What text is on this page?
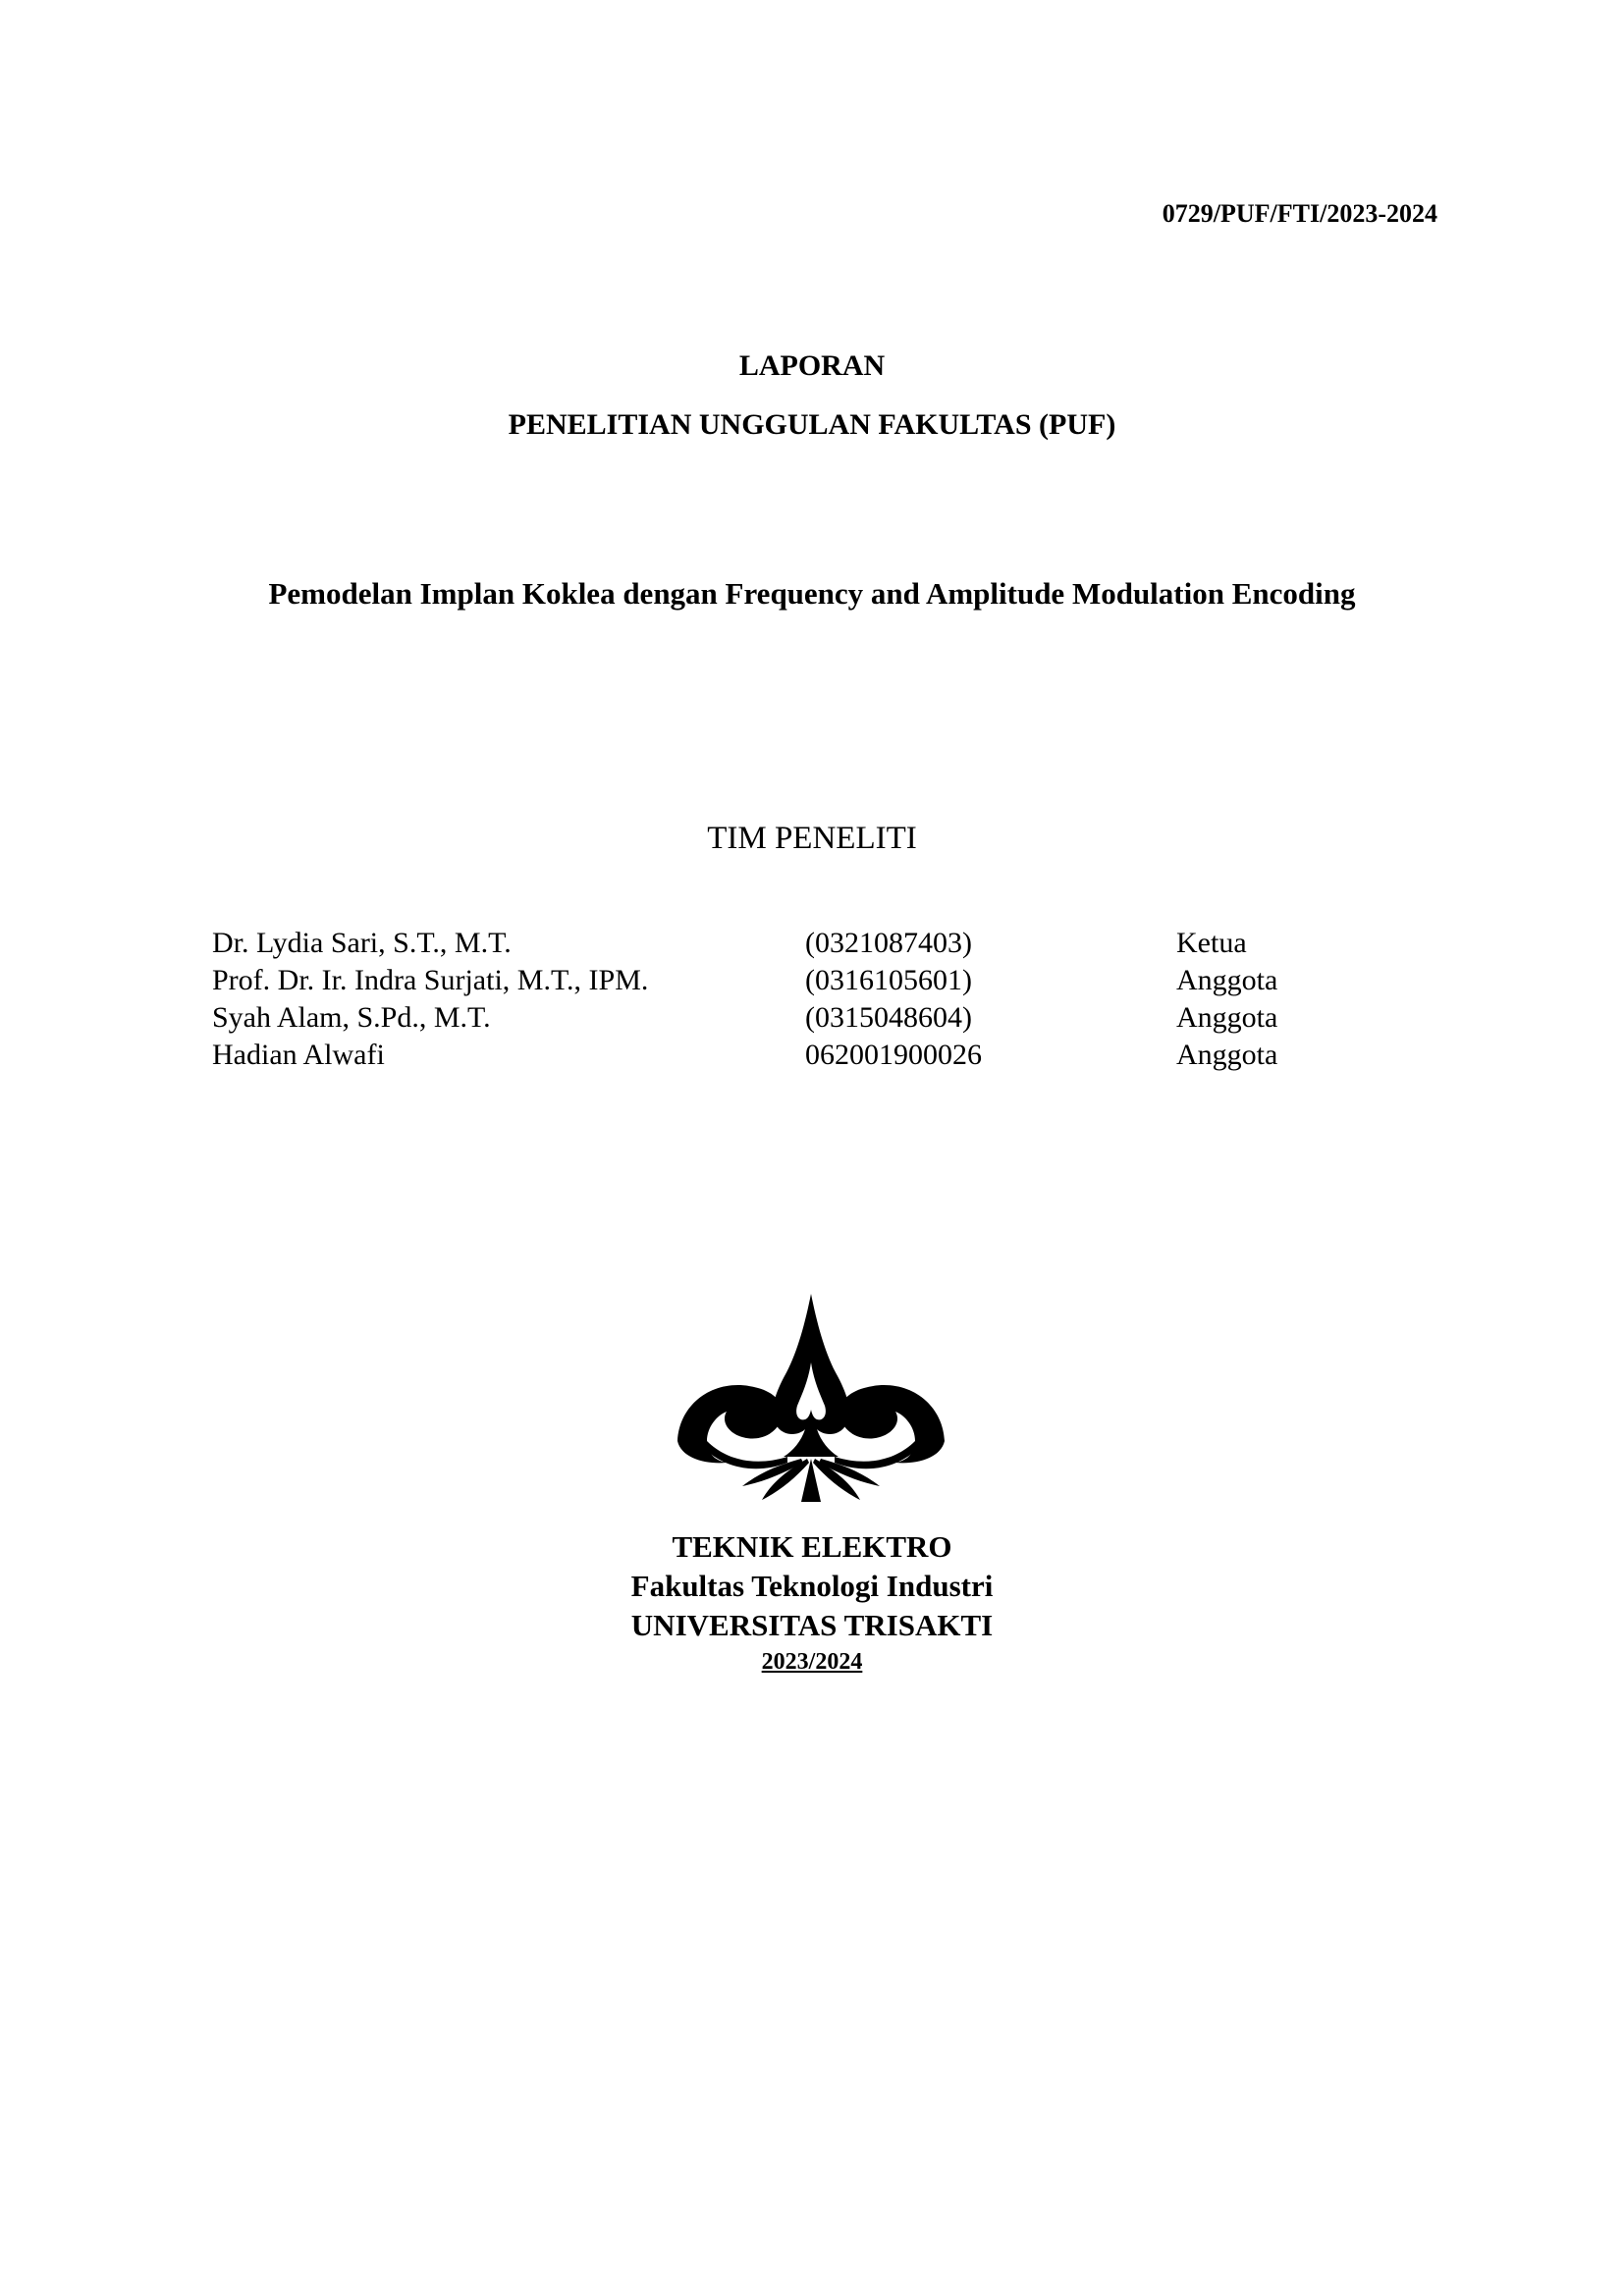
0729/PUF/FTI/2023-2024
LAPORAN
PENELITIAN UNGGULAN FAKULTAS (PUF)
Pemodelan Implan Koklea dengan Frequency and Amplitude Modulation Encoding
TIM PENELITI
Dr. Lydia Sari, S.T., M.T.	(0321087403)	Ketua
Prof. Dr. Ir. Indra Surjati, M.T., IPM.	(0316105601)	Anggota
Syah Alam, S.Pd., M.T.	(0315048604)	Anggota
Hadian Alwafi	062001900026	Anggota
TEKNIK ELEKTRO
Fakultas Teknologi Industri
UNIVERSITAS TRISAKTI
2023/2024
